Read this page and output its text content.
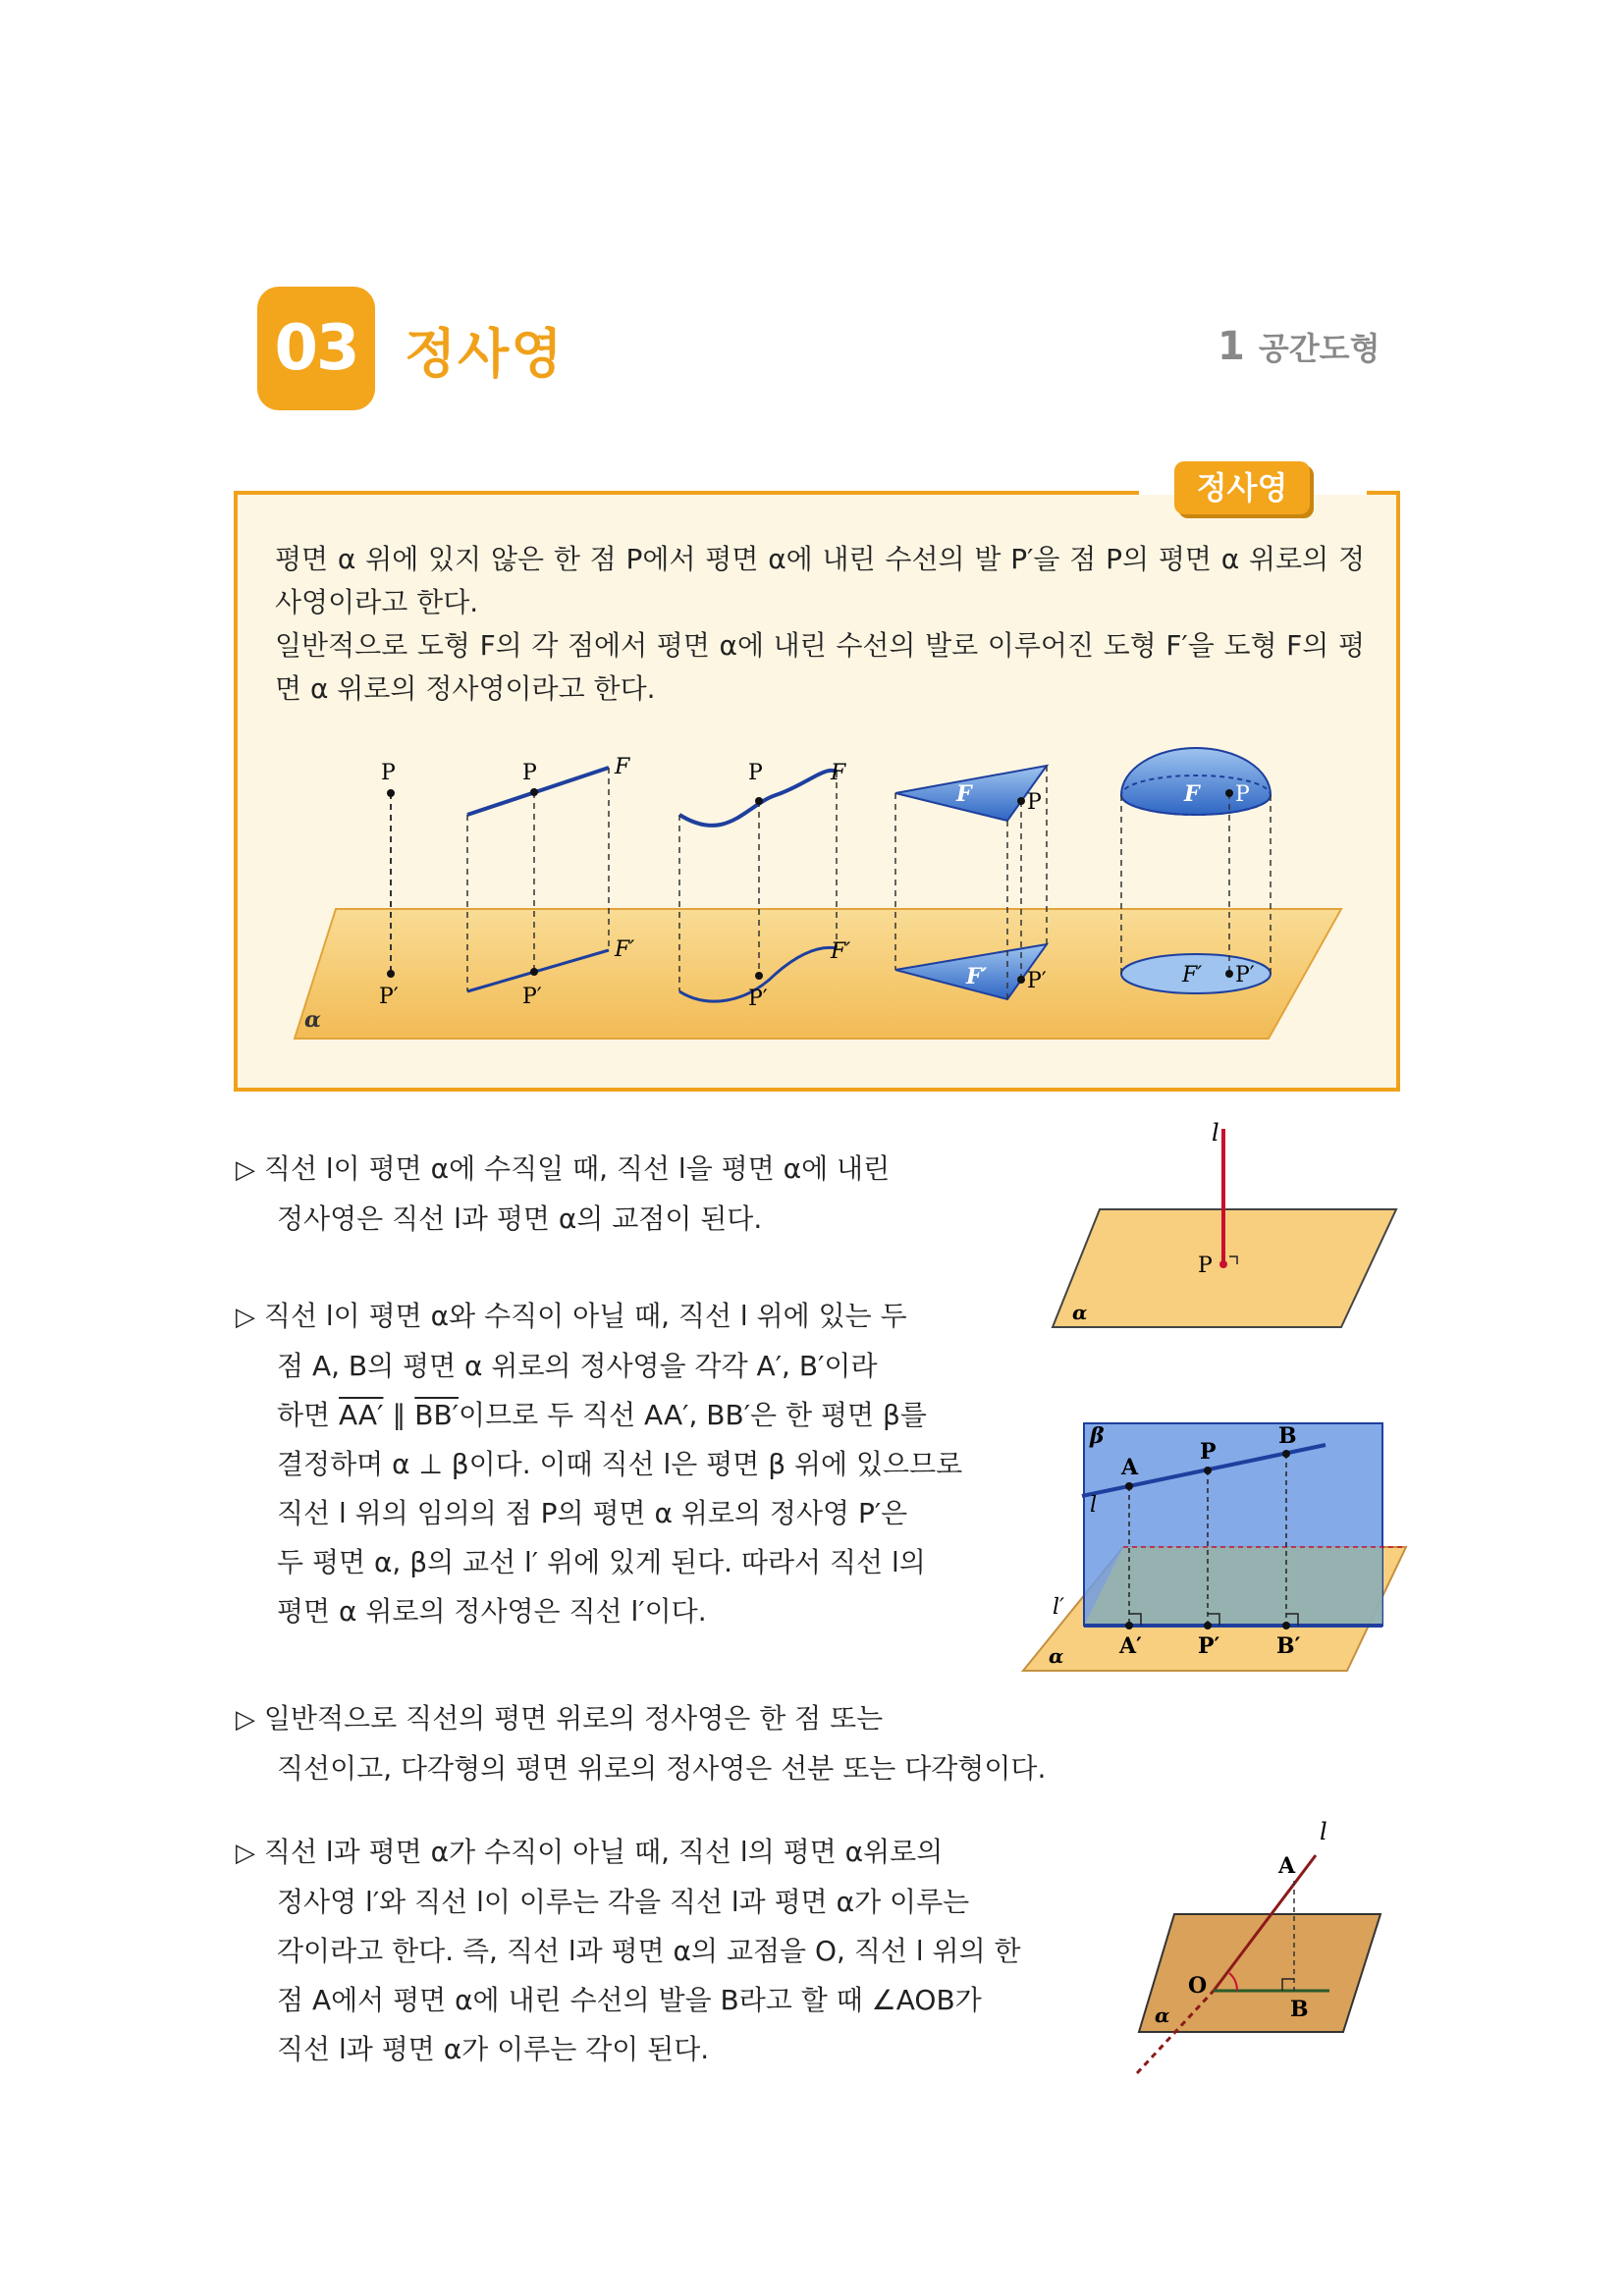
03 정사영	1 공간도형
정사영
평면 α 위에 있지 않은 한 점 P에서 평면 α에 내린 수선의 발 P′을 점 P의 평면 α 위로의 정사영이라고 한다.
일반적으로 도형 F의 각 점에서 평면 α에 내린 수선의 발로 이루어진 도형 F′을 도형 F의 평면 α 위로의 정사영이라고 한다.
α
P
P′
P	F
P′
F′
P	F
P′
F′
F	P
F′ P′
F P
F′ P′
▷ 직선 l이 평면 α에 수직일 때, 직선 l을 평면 α에 내린
정사영은 직선 l과 평면 α의 교점이 된다.
l
P
α
▷ 직선 l이 평면 α와 수직이 아닐 때, 직선 l 위에 있는 두
점 A, B의 평면 α 위로의 정사영을 각각 A′, B′이라
하면 AA′ ∥ BB′이므로 두 직선 AA′, BB′은 한 평면 β를
결정하며 α ⊥ β이다. 이때 직선 l은 평면 β 위에 있으므로
직선 l 위의 임의의 점 P의 평면 α 위로의 정사영 P′은
두 평면 α, β의 교선 l′ 위에 있게 된다. 따라서 직선 l의
평면 α 위로의 정사영은 직선 l′이다.
β
l
l′
A
P
B
A′	P′	B′
α
▷ 일반적으로 직선의 평면 위로의 정사영은 한 점 또는
직선이고, 다각형의 평면 위로의 정사영은 선분 또는 다각형이다.
▷ 직선 l과 평면 α가 수직이 아닐 때, 직선 l의 평면 α위로의
정사영 l′와 직선 l이 이루는 각을 직선 l과 평면 α가 이루는
각이라고 한다. 즉, 직선 l과 평면 α의 교점을 O, 직선 l 위의 한
점 A에서 평면 α에 내린 수선의 발을 B라고 할 때 ∠AOB가
직선 l과 평면 α가 이루는 각이 된다.
l
A
O
B
α
